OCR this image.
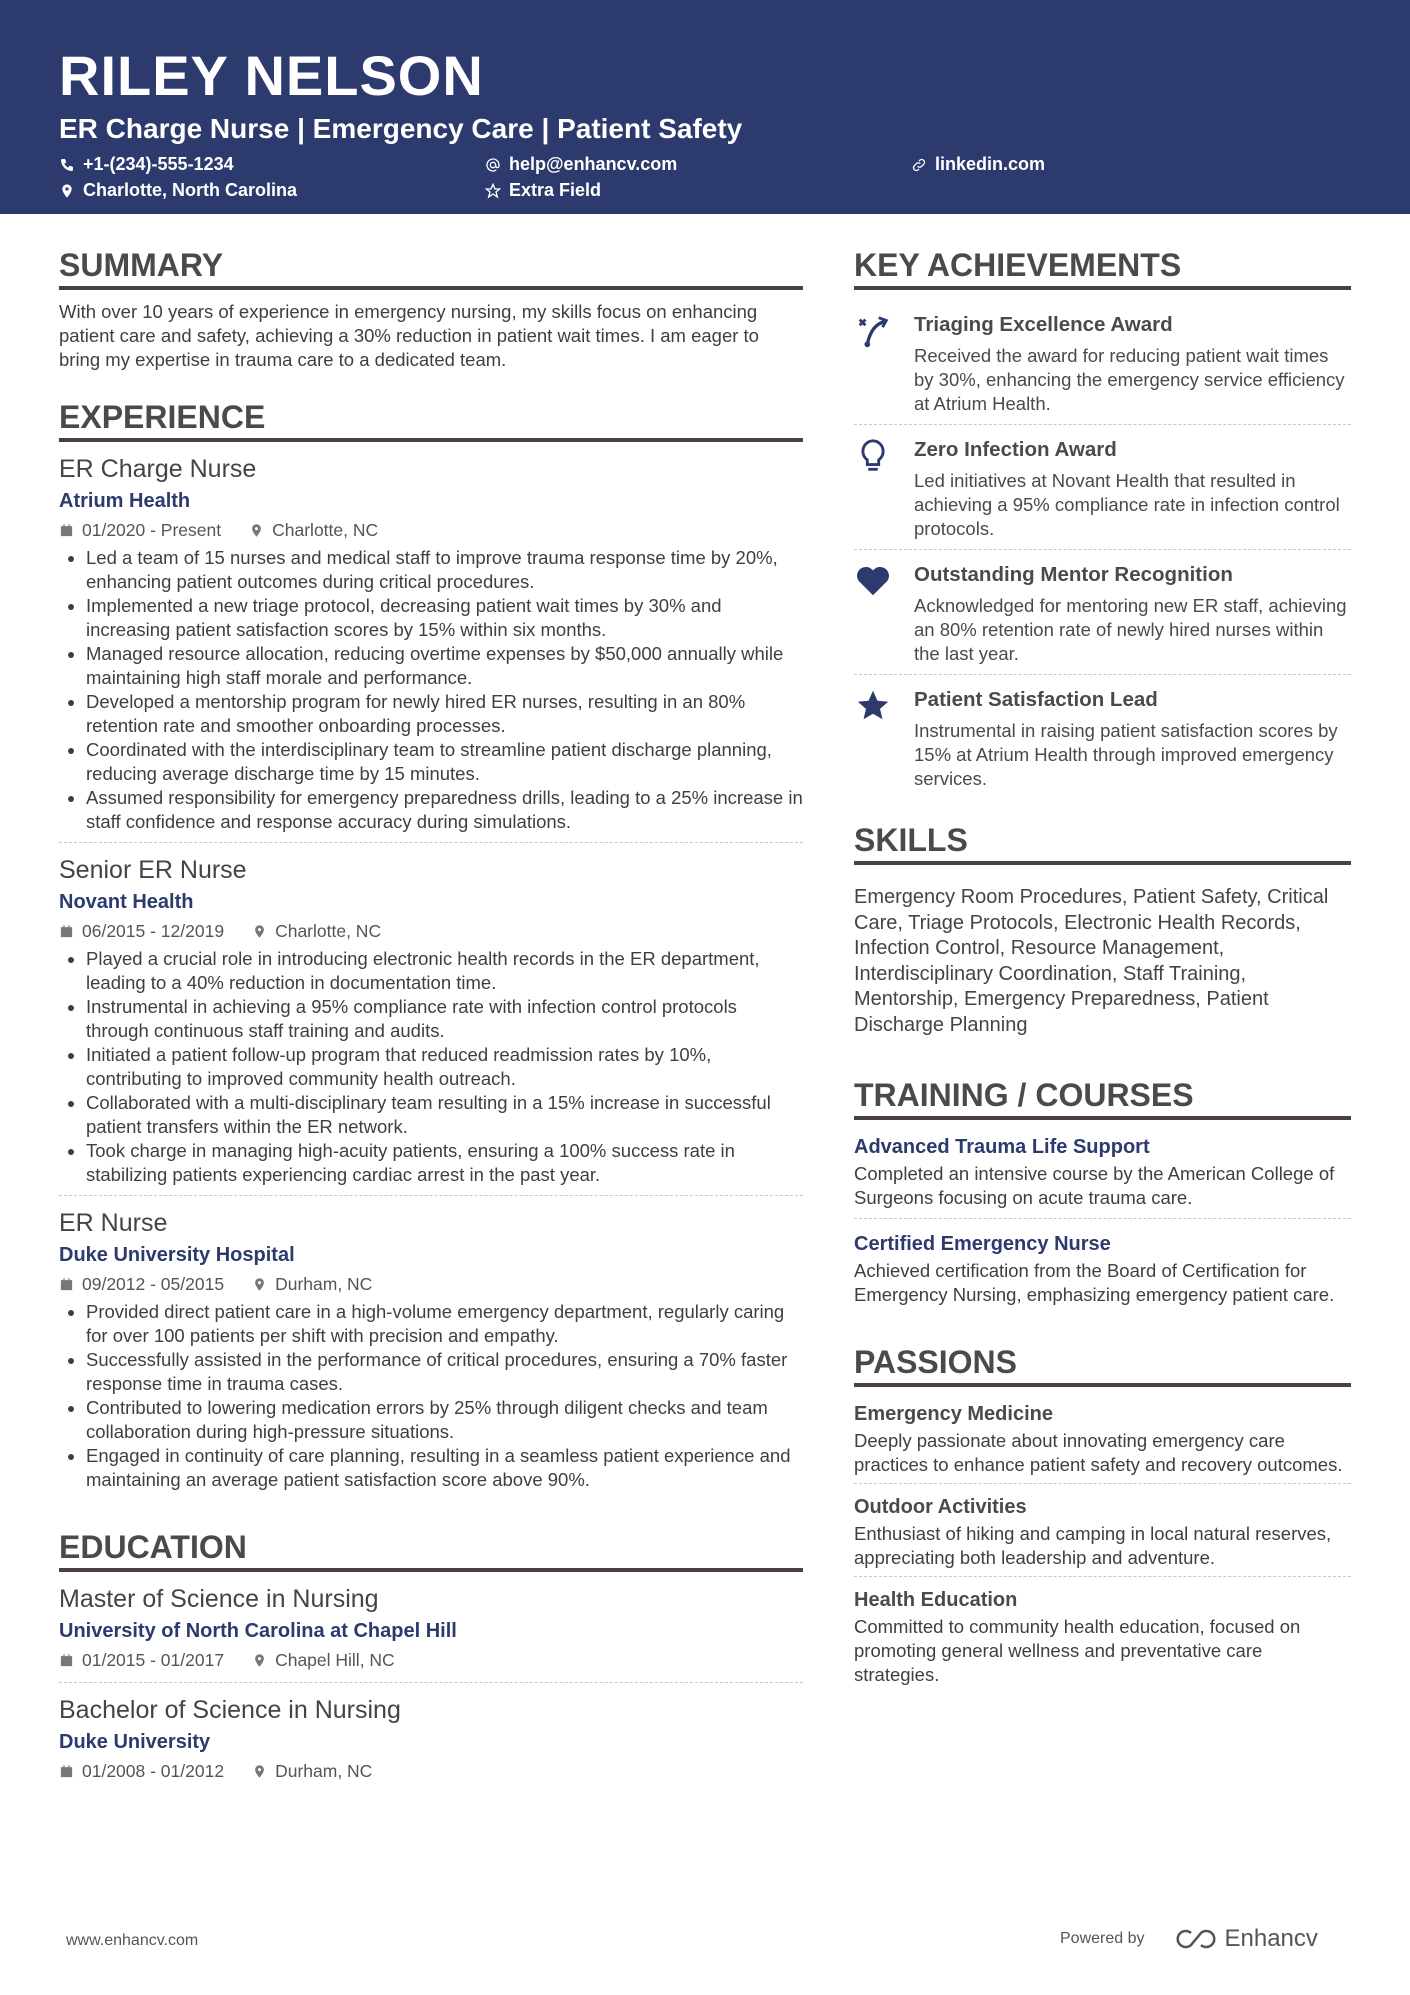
RILEY NELSON
ER Charge Nurse | Emergency Care | Patient Safety
+1-(234)-555-1234	help@enhancv.com	linkedin.com
Charlotte, North Carolina	Extra Field
SUMMARY

With over 10 years of experience in emergency nursing, my skills focus on enhancing patient care and safety, achieving a 30% reduction in patient wait times. I am eager to bring my expertise in trauma care to a dedicated team.

EXPERIENCE
ER Charge Nurse
Atrium Health
01/2020 - Present	Charlotte, NC
• Led a team of 15 nurses and medical staff to improve trauma response time by 20%, enhancing patient outcomes during critical procedures.
• Implemented a new triage protocol, decreasing patient wait times by 30% and increasing patient satisfaction scores by 15% within six months.
• Managed resource allocation, reducing overtime expenses by $50,000 annually while maintaining high staff morale and performance.
• Developed a mentorship program for newly hired ER nurses, resulting in an 80% retention rate and smoother onboarding processes.
• Coordinated with the interdisciplinary team to streamline patient discharge planning, reducing average discharge time by 15 minutes.
• Assumed responsibility for emergency preparedness drills, leading to a 25% increase in staff confidence and response accuracy during simulations.
Senior ER Nurse
Novant Health
06/2015 - 12/2019	Charlotte, NC
• Played a crucial role in introducing electronic health records in the ER department, leading to a 40% reduction in documentation time.
• Instrumental in achieving a 95% compliance rate with infection control protocols through continuous staff training and audits.
• Initiated a patient follow-up program that reduced readmission rates by 10%, contributing to improved community health outreach.
• Collaborated with a multi-disciplinary team resulting in a 15% increase in successful patient transfers within the ER network.
• Took charge in managing high-acuity patients, ensuring a 100% success rate in stabilizing patients experiencing cardiac arrest in the past year.
ER Nurse
Duke University Hospital
09/2012 - 05/2015	Durham, NC
• Provided direct patient care in a high-volume emergency department, regularly caring for over 100 patients per shift with precision and empathy.
• Successfully assisted in the performance of critical procedures, ensuring a 70% faster response time in trauma cases.
• Contributed to lowering medication errors by 25% through diligent checks and team collaboration during high-pressure situations.
• Engaged in continuity of care planning, resulting in a seamless patient experience and maintaining an average patient satisfaction score above 90%.
EDUCATION
Master of Science in Nursing
University of North Carolina at Chapel Hill
01/2015 - 01/2017	Chapel Hill, NC
Bachelor of Science in Nursing
Duke University
01/2008 - 01/2012	Durham, NC
KEY ACHIEVEMENTS
Triaging Excellence Award
Received the award for reducing patient wait times by 30%, enhancing the emergency service efficiency at Atrium Health.
Zero Infection Award
Led initiatives at Novant Health that resulted in achieving a 95% compliance rate in infection control protocols.
Outstanding Mentor Recognition
Acknowledged for mentoring new ER staff, achieving an 80% retention rate of newly hired nurses within the last year.
Patient Satisfaction Lead
Instrumental in raising patient satisfaction scores by 15% at Atrium Health through improved emergency services.
SKILLS
Emergency Room Procedures, Patient Safety, Critical Care, Triage Protocols, Electronic Health Records, Infection Control, Resource Management, Interdisciplinary Coordination, Staff Training, Mentorship, Emergency Preparedness, Patient Discharge Planning
TRAINING / COURSES
Advanced Trauma Life Support
Completed an intensive course by the American College of Surgeons focusing on acute trauma care.
Certified Emergency Nurse
Achieved certification from the Board of Certification for Emergency Nursing, emphasizing emergency patient care.
PASSIONS
Emergency Medicine
Deeply passionate about innovating emergency care practices to enhance patient safety and recovery outcomes.
Outdoor Activities
Enthusiast of hiking and camping in local natural reserves, appreciating both leadership and adventure.
Health Education
Committed to community health education, focused on promoting general wellness and preventative care strategies.
www.enhancv.com	Powered by	Enhancv
